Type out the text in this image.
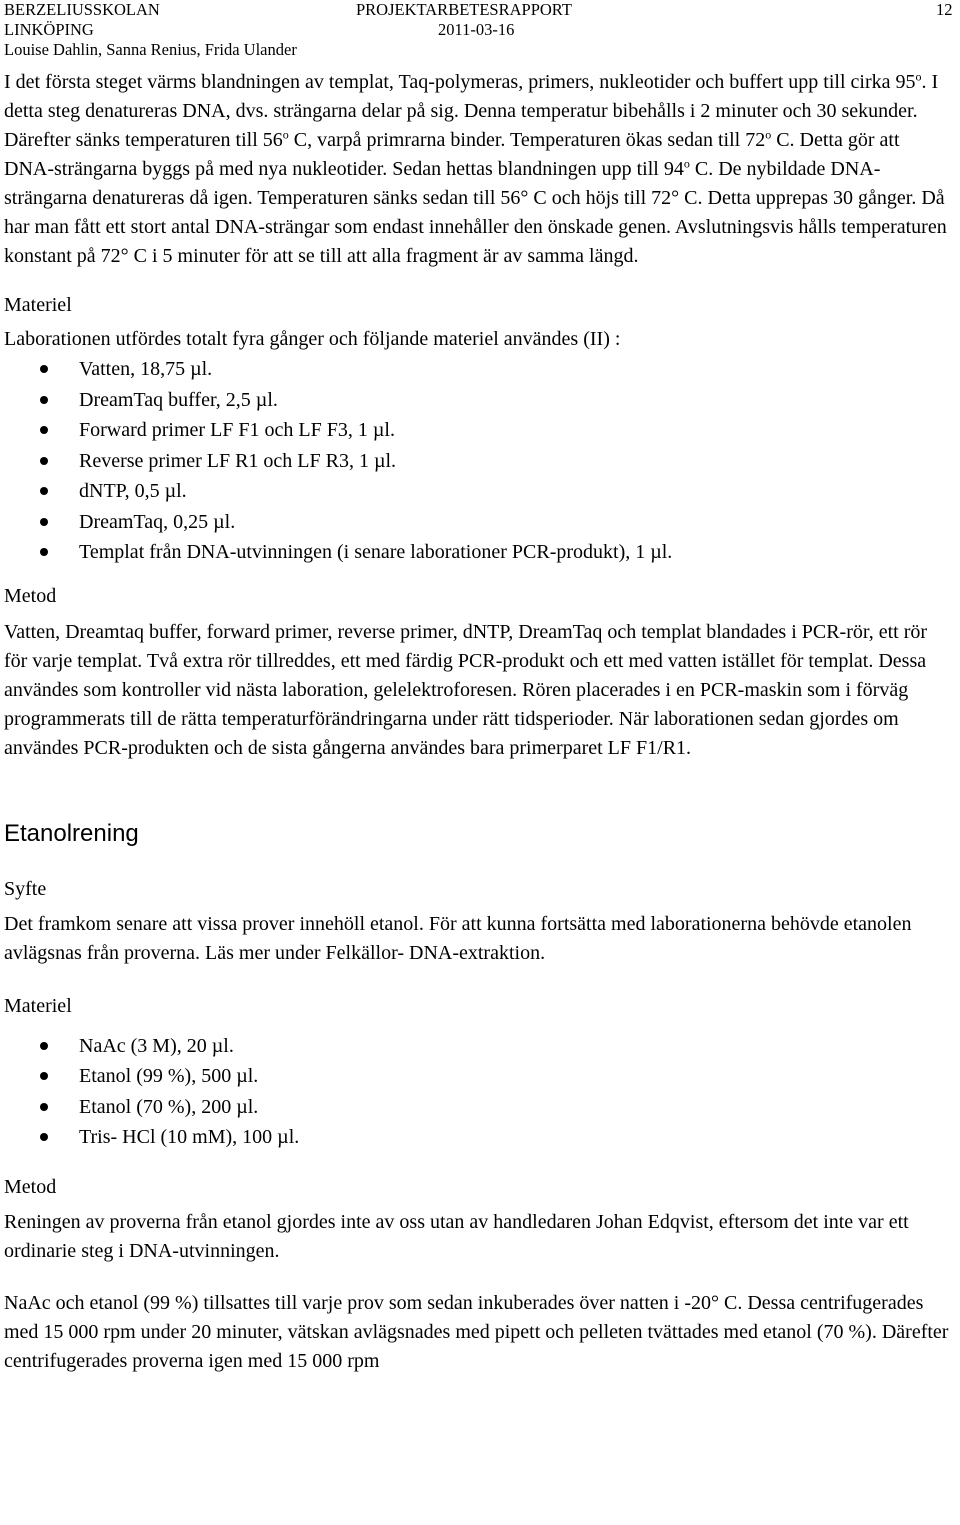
BERZELIUSSKOLAN
LINKÖPING
Louise Dahlin, Sanna Renius, Frida Ulander
PROJEKTARBETESRAPPORT
2011-03-16
12

I det första steget värms blandningen av templat, Taq-polymeras, primers, nukleotider och buffert upp till cirka 95$^o$. I detta steg denatureras DNA, dvs. strängarna delar på sig. Denna temperatur bibehålls i 2 minuter och 30 sekunder. Därefter sänks temperaturen till 56$^o$ C, varpå primrarna binder. Temperaturen ökas sedan till 72$^o$ C. Detta gör att DNA-strängarna byggs på med nya nukleotider. Sedan hettas blandningen upp till 94$^o$ C. De nybildade DNA-strängarna denatureras då igen. Temperaturen sänks sedan till 56° C och höjs till 72° C. Detta upprepas 30 gånger. Då har man fått ett stort antal DNA-strängar som endast innehåller den önskade genen. Avslutningsvis hålls temperaturen konstant på 72° C i 5 minuter för att se till att alla fragment är av samma längd.

Materiel

Laborationen utfördes totalt fyra gånger och följande materiel användes (II) :

Vatten, 18,75 µl.
DreamTaq buffer, 2,5 µl.
Forward primer LF F1 och LF F3, 1 µl.
Reverse primer LF R1 och LF R3, 1 µl.
dNTP, 0,5 µl.
DreamTaq, 0,25 µl.
Templat från DNA-utvinningen (i senare laborationer PCR-produkt), 1 µl.

Metod

Vatten, Dreamtaq buffer, forward primer, reverse primer, dNTP, DreamTaq och templat blandades i PCR-rör, ett rör för varje templat. Två extra rör tillreddes, ett med färdig PCR-produkt och ett med vatten istället för templat. Dessa användes som kontroller vid nästa laboration, gelelektroforesen. Rören placerades i en PCR-maskin som i förväg programmerats till de rätta temperaturförändringarna under rätt tidsperioder. När laborationen sedan gjordes om användes PCR-produkten och de sista gångerna användes bara primerparet LF F1/R1.

Etanolrening

Syfte

Det framkom senare att vissa prover innehöll etanol. För att kunna fortsätta med laborationerna behövde etanolen avlägsnas från proverna. Läs mer under Felkällor- DNA-extraktion.

Materiel

NaAc (3 M), 20 µl.
Etanol (99 %), 500 µl.
Etanol (70 %), 200 µl.
Tris- HCl (10 mM), 100 µl.

Metod

Reningen av proverna från etanol gjordes inte av oss utan av handledaren Johan Edqvist, eftersom det inte var ett ordinarie steg i DNA-utvinningen.

NaAc och etanol (99 %) tillsattes till varje prov som sedan inkuberades över natten i -20° C. Dessa centrifugerades med 15 000 rpm under 20 minuter, vätskan avlägsnades med pipett och pelleten tvättades med etanol (70 %). Därefter centrifugerades proverna igen med 15 000 rpm
